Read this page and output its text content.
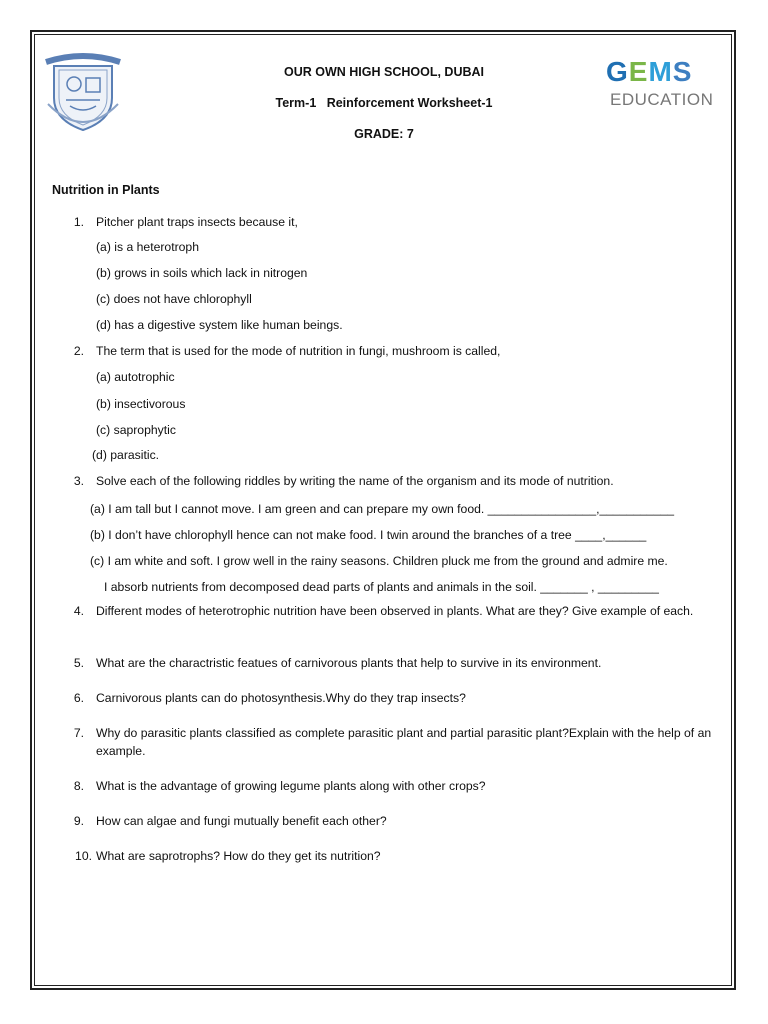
GEMS
EDUCATION
OUR OWN HIGH SCHOOL, DUBAI
Term-1   Reinforcement Worksheet-1
GRADE: 7
Nutrition in Plants
1. Pitcher plant traps insects because it,
(a) is a heterotroph
(b) grows in soils which lack in nitrogen
(c) does not have chlorophyll
(d) has a digestive system like human beings.
2. The term that is used for the mode of nutrition in fungi, mushroom is called,
(a) autotrophic
(b) insectivorous
(c) saprophytic
(d) parasitic.
3. Solve each of the following riddles by writing the name of the organism and its mode of nutrition.
(a) I am tall but I cannot move. I am green and can prepare my own food. ________________,___________
(b) I don’t have chlorophyll hence can not make food. I twin around the branches of a tree ____,______
(c) I am white and soft. I grow well in the rainy seasons. Children pluck me from the ground and admire me.
I absorb nutrients from decomposed dead parts of plants and animals in the soil. _______ , _________
4. Different modes of heterotrophic nutrition have been observed in plants. What are they? Give example of each.
5. What are the charactristic featues of carnivorous plants that help to survive in its environment.
6. Carnivorous plants can do photosynthesis.Why do they trap insects?
7. Why do parasitic plants classified as complete parasitic plant and partial parasitic plant?Explain with the help of an example.
8. What is the advantage of growing legume plants along with other crops?
9. How can algae and fungi mutually benefit each other?
10. What are saprotrophs? How do they get its nutrition?
